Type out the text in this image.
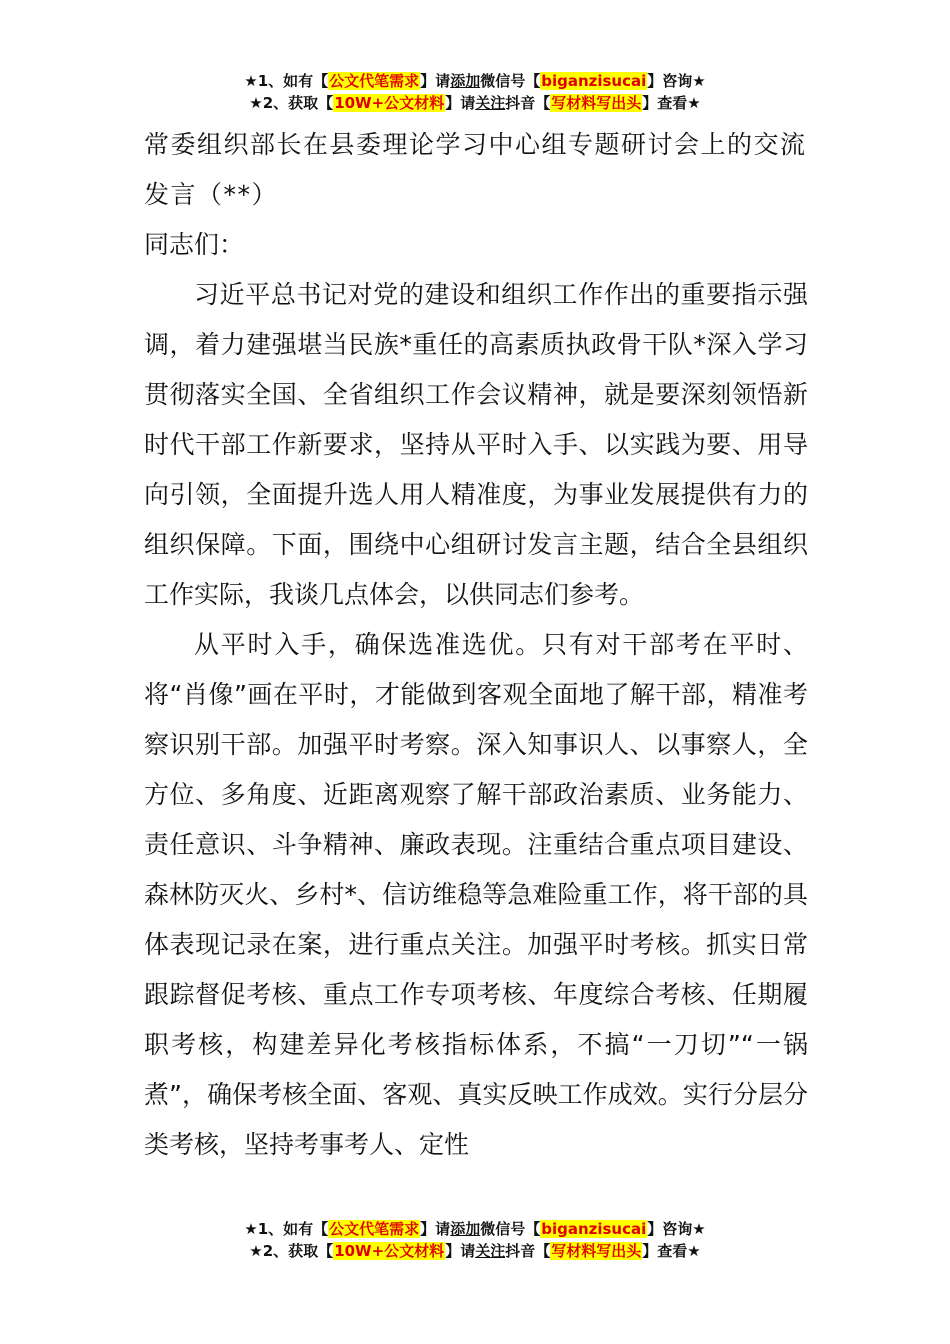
★1、如有【公文代笔需求】请添加微信号【biganzisucai】咨询★
★2、获取【10W+公文材料】请关注抖音【写材料写出头】查看★

常委组织部长在县委理论学习中心组专题研讨会上的交流发言（**）

同志们：

习近平总书记对党的建设和组织工作作出的重要指示强调，着力建强堪当民族*重任的高素质执政骨干队*深入学习贯彻落实全国、全省组织工作会议精神，就是要深刻领悟新时代干部工作新要求，坚持从平时入手、以实践为要、用导向引领，全面提升选人用人精准度，为事业发展提供有力的组织保障。下面，围绕中心组研讨发言主题，结合全县组织工作实际，我谈几点体会，以供同志们参考。

从平时入手，确保选准选优。只有对干部考在平时、将“肖像”画在平时，才能做到客观全面地了解干部，精准考察识别干部。加强平时考察。深入知事识人、以事察人，全方位、多角度、近距离观察了解干部政治素质、业务能力、责任意识、斗争精神、廉政表现。注重结合重点项目建设、森林防灭火、乡村*、信访维稳等急难险重工作，将干部的具体表现记录在案，进行重点关注。加强平时考核。抓实日常跟踪督促考核、重点工作专项考核、年度综合考核、任期履职考核，构建差异化考核指标体系，不搞“一刀切”“一锅煮”，确保考核全面、客观、真实反映工作成效。实行分层分类考核，坚持考事考人、定性

★1、如有【公文代笔需求】请添加微信号【biganzisucai】咨询★
★2、获取【10W+公文材料】请关注抖音【写材料写出头】查看★
